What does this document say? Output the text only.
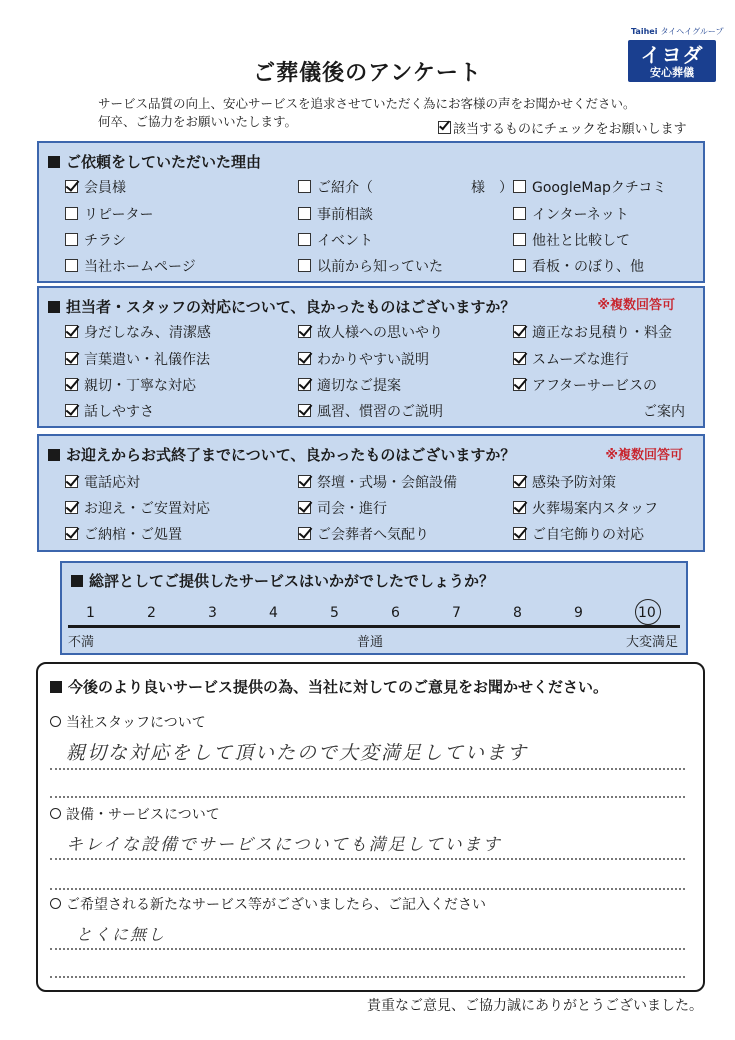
Taihei タイヘイグループ
イヨダ
安心葬儀
ご葬儀後のアンケート
サービス品質の向上、安心サービスを追求させていただく為にお客様の声をお聞かせください。
何卒、ご協力をお願いいたします。
該当するものにチェックをお願いします
ご依頼をしていただいた理由
会員様	ご紹介（　　　　　　　様　）	GoogleMapクチコミ
リピーター	事前相談	インターネット
チラシ	イベント	他社と比較して
当社ホームページ	以前から知っていた	看板・のぼり、他
担当者・スタッフの対応について、良かったものはございますか？	※複数回答可
身だしなみ、清潔感	故人様への思いやり	適正なお見積り・料金
言葉遣い・礼儀作法	わかりやすい説明	スムーズな進行
親切・丁寧な対応	適切なご提案	アフターサービスの
話しやすさ	風習、慣習のご説明	ご案内
お迎えからお式終了までについて、良かったものはございますか？	※複数回答可
電話応対	祭壇・式場・会館設備	感染予防対策
お迎え・ご安置対応	司会・進行	火葬場案内スタッフ
ご納棺・ご処置	ご会葬者へ気配り	ご自宅飾りの対応
総評としてご提供したサービスはいかがでしたでしょうか？
1	2	3	4	5	6	7	8	9	10
不満	普通	大変満足
今後のより良いサービス提供の為、当社に対してのご意見をお聞かせください。
当社スタッフについて
親切な対応をして頂いたので大変満足しています
設備・サービスについて
キレイな設備でサービスについても満足しています
ご希望される新たなサービス等がございましたら、ご記入ください
とくに無し
貴重なご意見、ご協力誠にありがとうございました。
